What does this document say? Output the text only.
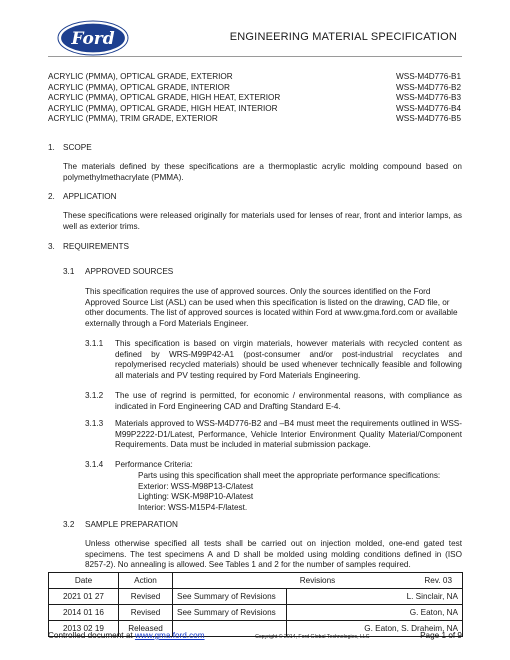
Ford	ENGINEERING MATERIAL SPECIFICATION
ACRYLIC (PMMA), OPTICAL GRADE, EXTERIOR	WSS-M4D776-B1
ACRYLIC (PMMA), OPTICAL GRADE, INTERIOR	WSS-M4D776-B2
ACRYLIC (PMMA), OPTICAL GRADE, HIGH HEAT, EXTERIOR	WSS-M4D776-B3
ACRYLIC (PMMA), OPTICAL GRADE, HIGH HEAT, INTERIOR	WSS-M4D776-B4
ACRYLIC (PMMA), TRIM GRADE, EXTERIOR	WSS-M4D776-B5
1. SCOPE
The materials defined by these specifications are a thermoplastic acrylic molding compound based on polymethylmethacrylate (PMMA).
2. APPLICATION
These specifications were released originally for materials used for lenses of rear, front and interior lamps, as well as exterior trims.
3. REQUIREMENTS
3.1 APPROVED SOURCES
This specification requires the use of approved sources. Only the sources identified on the Ford Approved Source List (ASL) can be used when this specification is listed on the drawing, CAD file, or other documents. The list of approved sources is located within Ford at www.gma.ford.com or available externally through a Ford Materials Engineer.
3.1.1 This specification is based on virgin materials, however materials with recycled content as defined by WRS-M99P42-A1 (post-consumer and/or post-industrial recyclates and repolymerised recycled materials) should be used whenever technically feasible and following all materials and PV testing required by Ford Materials Engineering.
3.1.2 The use of regrind is permitted, for economic / environmental reasons, with compliance as indicated in Ford Engineering CAD and Drafting Standard E-4.
3.1.3 Materials approved to WSS-M4D776-B2 and –B4 must meet the requirements outlined in WSS-M99P2222-D1/Latest, Performance, Vehicle Interior Environment Quality Material/Component Requirements. Data must be included in material submission package.
3.1.4 Performance Criteria:
Parts using this specification shall meet the appropriate performance specifications:
Exterior: WSS-M98P13-C/latest
Lighting: WSK-M98P10-A/latest
Interior: WSS-M15P4-F/latest.
3.2 SAMPLE PREPARATION
Unless otherwise specified all tests shall be carried out on injection molded, one-end gated test specimens. The test specimens A and D shall be molded using molding conditions defined in (ISO 8257-2). No annealing is allowed. See Tables 1 and 2 for the number of samples required.
Date	Action	Revisions Rev. 03	

2021 01 27	Revised	See Summary of Revisions	L. Sinclair, NA
2014 01 16	Revised	See Summary of Revisions	G. Eaton, NA
2013 02 19	Released		G. Eaton, S. Draheim, NA
Controlled document at www.gma.ford.com	Copyright © 2014, Ford Global Technologies, LLC	Page 1 of 9
